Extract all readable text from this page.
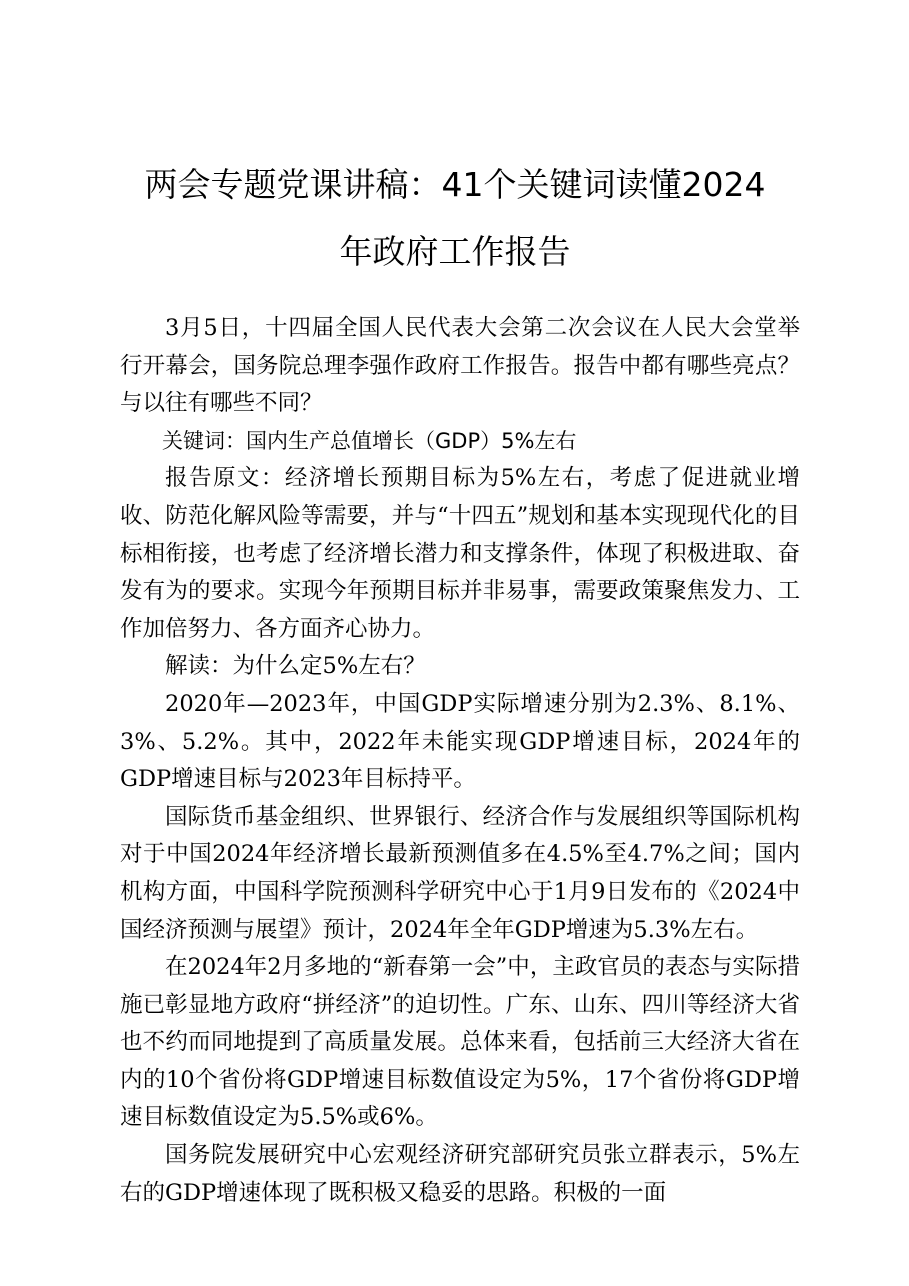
两会专题党课讲稿：41个关键词读懂2024
年政府工作报告

3月5日，十四届全国人民代表大会第二次会议在人民大会堂举行开幕会，国务院总理李强作政府工作报告。报告中都有哪些亮点？与以往有哪些不同？

关键词：国内生产总值增长（GDP）5%左右

报告原文：经济增长预期目标为5%左右，考虑了促进就业增收、防范化解风险等需要，并与“十四五”规划和基本实现现代化的目标相衔接，也考虑了经济增长潜力和支撑条件，体现了积极进取、奋发有为的要求。实现今年预期目标并非易事，需要政策聚焦发力、工作加倍努力、各方面齐心协力。

解读：为什么定5%左右？

2020年—2023年，中国GDP实际增速分别为2.3%、8.1%、3%、5.2%。其中，2022年未能实现GDP增速目标，2024年的GDP增速目标与2023年目标持平。

国际货币基金组织、世界银行、经济合作与发展组织等国际机构对于中国2024年经济增长最新预测值多在4.5%至4.7%之间；国内机构方面，中国科学院预测科学研究中心于1月9日发布的《2024中国经济预测与展望》预计，2024年全年GDP增速为5.3%左右。

在2024年2月多地的“新春第一会”中，主政官员的表态与实际措施已彰显地方政府“拼经济”的迫切性。广东、山东、四川等经济大省也不约而同地提到了高质量发展。总体来看，包括前三大经济大省在内的10个省份将GDP增速目标数值设定为5%，17个省份将GDP增速目标数值设定为5.5%或6%。

国务院发展研究中心宏观经济研究部研究员张立群表示，5%左右的GDP增速体现了既积极又稳妥的思路。积极的一面
